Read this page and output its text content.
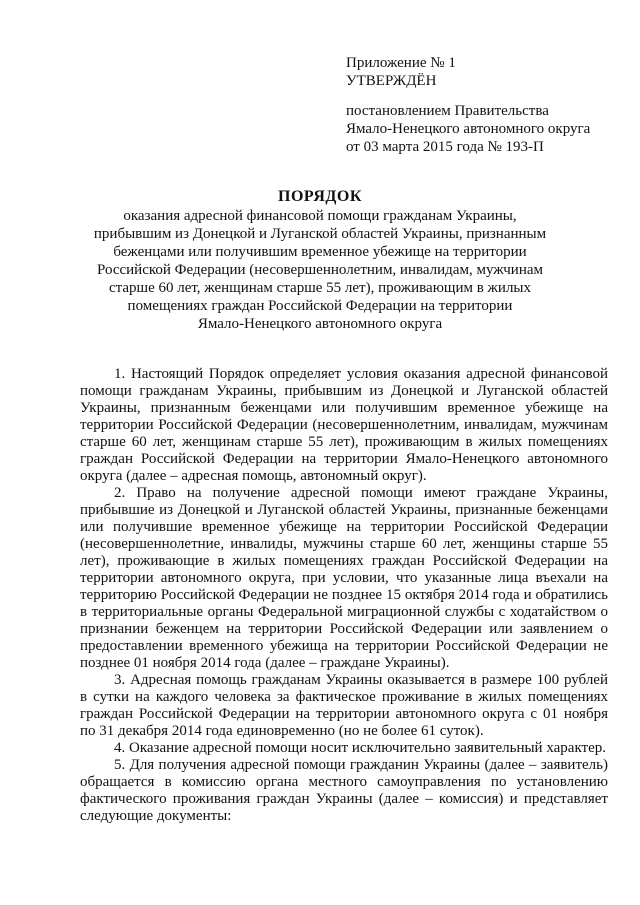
Приложение № 1
УТВЕРЖДЁН
постановлением Правительства
Ямало-Ненецкого автономного округа
от 03 марта 2015 года № 193-П
ПОРЯДОК
оказания адресной финансовой помощи гражданам Украины,
прибывшим из Донецкой и Луганской областей Украины, признанным
беженцами или получившим временное убежище на территории
Российской Федерации (несовершеннолетним, инвалидам, мужчинам
старше 60 лет, женщинам старше 55 лет), проживающим в жилых
помещениях граждан Российской Федерации на территории
Ямало-Ненецкого автономного округа

1. Настоящий Порядок определяет условия оказания адресной финансовой помощи гражданам Украины, прибывшим из Донецкой и Луганской областей Украины, признанным беженцами или получившим временное убежище на территории Российской Федерации (несовершеннолетним, инвалидам, мужчинам старше 60 лет, женщинам старше 55 лет), проживающим в жилых помещениях граждан Российской Федерации на территории Ямало-Ненецкого автономного округа (далее – адресная помощь, автономный округ).

2. Право на получение адресной помощи имеют граждане Украины, прибывшие из Донецкой и Луганской областей Украины, признанные беженцами или получившие временное убежище на территории Российской Федерации (несовершеннолетние, инвалиды, мужчины старше 60 лет, женщины старше 55 лет), проживающие в жилых помещениях граждан Российской Федерации на территории автономного округа, при условии, что указанные лица въехали на территорию Российской Федерации не позднее 15 октября 2014 года и обратились в территориальные органы Федеральной миграционной службы с ходатайством о признании беженцем на территории Российской Федерации или заявлением о предоставлении временного убежища на территории Российской Федерации не позднее 01 ноября 2014 года (далее – граждане Украины).

3. Адресная помощь гражданам Украины оказывается в размере 100 рублей в сутки на каждого человека за фактическое проживание в жилых помещениях граждан Российской Федерации на территории автономного округа с 01 ноября по 31 декабря 2014 года единовременно (но не более 61 суток).

4. Оказание адресной помощи носит исключительно заявительный характер.

5. Для получения адресной помощи гражданин Украины (далее – заявитель) обращается в комиссию органа местного самоуправления по установлению фактического проживания граждан Украины (далее – комиссия) и представляет следующие документы:
